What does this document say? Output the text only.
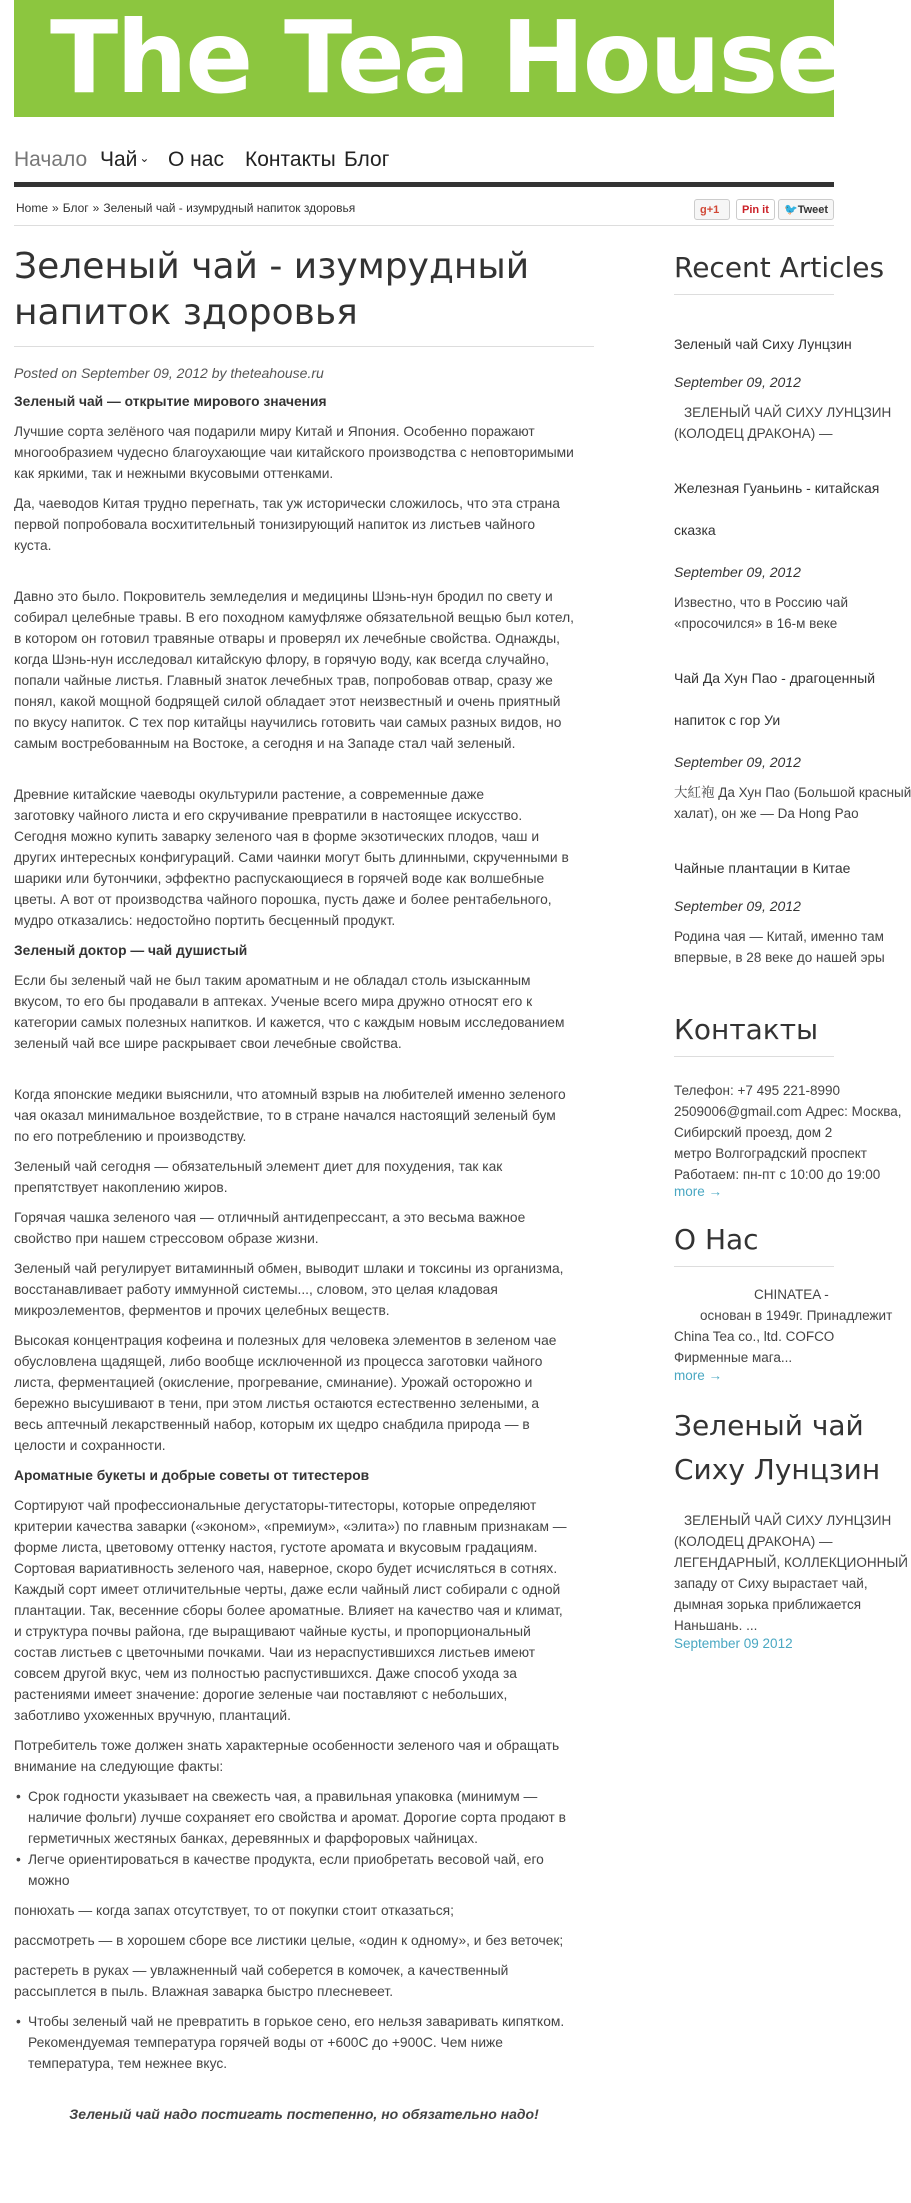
The Tea House
Начало Чай ⌄ О нас Контакты Блог
Home » Блог » Зеленый чай - изумрудный напиток здоровья	g+1	Pin it	🐦Tweet
Зеленый чай - изумрудный
напиток здоровья
Posted on September 09, 2012 by theteahouse.ru
Зеленый чай — открытие мирового значения

Лучшие сорта зелёного чая подарили миру Китай и Япония. Особенно поражают
многообразием чудесно благоухающие чаи китайского производства с неповторимыми
как яркими, так и нежными вкусовыми оттенками.

Да, чаеводов Китая трудно перегнать, так уж исторически сложилось, что эта страна
первой попробовала восхитительный тонизирующий напиток из листьев чайного
куста.

Давно это было. Покровитель земледелия и медицины Шэнь-нун бродил по свету и
собирал целебные травы. В его походном камуфляже обязательной вещью был котел,
в котором он готовил травяные отвары и проверял их лечебные свойства. Однажды,
когда Шэнь-нун исследовал китайскую флору, в горячую воду, как всегда случайно,
попали чайные листья. Главный знаток лечебных трав, попробовав отвар, сразу же
понял, какой мощной бодрящей силой обладает этот неизвестный и очень приятный
по вкусу напиток. С тех пор китайцы научились готовить чаи самых разных видов, но
самым востребованным на Востоке, а сегодня и на Западе стал чай зеленый.

Древние китайские чаеводы окультурили растение, а современные даже
заготовку чайного листа и его скручивание превратили в настоящее искусство.
Сегодня можно купить заварку зеленого чая в форме экзотических плодов, чаш и
других интересных конфигураций. Сами чаинки могут быть длинными, скрученными в
шарики или бутончики, эффектно распускающиеся в горячей воде как волшебные
цветы. А вот от производства чайного порошка, пусть даже и более рентабельного,
мудро отказались: недостойно портить бесценный продукт.

Зеленый доктор — чай душистый

Если бы зеленый чай не был таким ароматным и не обладал столь изысканным
вкусом, то его бы продавали в аптеках. Ученые всего мира дружно относят его к
категории самых полезных напитков. И кажется, что с каждым новым исследованием
зеленый чай все шире раскрывает свои лечебные свойства.

Когда японские медики выяснили, что атомный взрыв на любителей именно зеленого
чая оказал минимальное воздействие, то в стране начался настоящий зеленый бум
по его потреблению и производству.

Зеленый чай сегодня — обязательный элемент диет для похудения, так как
препятствует накоплению жиров.

Горячая чашка зеленого чая — отличный антидепрессант, а это весьма важное
свойство при нашем стрессовом образе жизни.

Зеленый чай регулирует витаминный обмен, выводит шлаки и токсины из организма,
восстанавливает работу иммунной системы..., словом, это целая кладовая
микроэлементов, ферментов и прочих целебных веществ.

Высокая концентрация кофеина и полезных для человека элементов в зеленом чае
обусловлена щадящей, либо вообще исключенной из процесса заготовки чайного
листа, ферментацией (окисление, прогревание, сминание). Урожай осторожно и
бережно высушивают в тени, при этом листья остаются естественно зелеными, а
весь аптечный лекарственный набор, которым их щедро снабдила природа — в
целости и сохранности.

Ароматные букеты и добрые советы от титестеров

Сортируют чай профессиональные дегустаторы-титесторы, которые определяют
критерии качества заварки («эконом», «премиум», «элита») по главным признакам —
форме листа, цветовому оттенку настоя, густоте аромата и вкусовым градациям.
Сортовая вариативность зеленого чая, наверное, скоро будет исчисляться в сотнях.
Каждый сорт имеет отличительные черты, даже если чайный лист собирали с одной
плантации. Так, весенние сборы более ароматные. Влияет на качество чая и климат,
и структура почвы района, где выращивают чайные кусты, и пропорциональный
состав листьев с цветочными почками. Чаи из нераспустившихся листьев имеют
совсем другой вкус, чем из полностью распустившихся. Даже способ ухода за
растениями имеет значение: дорогие зеленые чаи поставляют с небольших,
заботливо ухоженных вручную, плантаций.

Потребитель тоже должен знать характерные особенности зеленого чая и обращать
внимание на следующие факты:

• Срок годности указывает на свежесть чая, а правильная упаковка (минимум —
наличие фольги) лучше сохраняет его свойства и аромат. Дорогие сорта продают в
герметичных жестяных банках, деревянных и фарфоровых чайницах.
• Легче ориентироваться в качестве продукта, если приобретать весовой чай, его
можно

понюхать — когда запах отсутствует, то от покупки стоит отказаться;

рассмотреть — в хорошем сборе все листики целые, «один к одному», и без веточек;

растереть в руках — увлажненный чай соберется в комочек, а качественный
рассыплется в пыль. Влажная заварка быстро плесневеет.

• Чтобы зеленый чай не превратить в горькое сено, его нельзя заваривать кипятком.
Рекомендуемая температура горячей воды от +600С до +900С. Чем ниже
температура, тем нежнее вкус.

Зеленый чай надо постигать постепенно, но обязательно надо!

Recent Articles
Зеленый чай Сиху Лунцзин
September 09, 2012
ЗЕЛЕНЫЙ ЧАЙ СИХУ ЛУНЦЗИН
(КОЛОДЕЦ ДРАКОНА) —
Железная Гуаньинь - китайская
сказка
September 09, 2012
Известно, что в Россию чай
«просочился» в 16-м веке
Чай Да Хун Пао - драгоценный
напиток с гор Уи
September 09, 2012
大紅袍 Да Хун Пао (Большой красный
халат), он же — Da Hong Pao
Чайные плантации в Китае
September 09, 2012
Родина чая — Китай, именно там
впервые, в 28 веке до нашей эры
Контакты
Телефон: +7 495 221-8990
2509006@gmail.com Адрес: Москва,
Сибирский проезд, дом 2
метро Волгоградский проспект
Работаем: пн-пт с 10:00 до 19:00
more →
О Нас
CHINATEA -
основан в 1949г. Принадлежит
China Tea co., ltd. COFCO
Фирменные мага...
more →
Зеленый чай
Сиху Лунцзин
ЗЕЛЕНЫЙ ЧАЙ СИХУ ЛУНЦЗИН
(КОЛОДЕЦ ДРАКОНА) —
ЛЕГЕНДАРНЫЙ, КОЛЛЕКЦИОННЫЙ
западу от Сиху вырастает чай,
дымная зорька приближается
Наньшань. ...
September 09 2012
